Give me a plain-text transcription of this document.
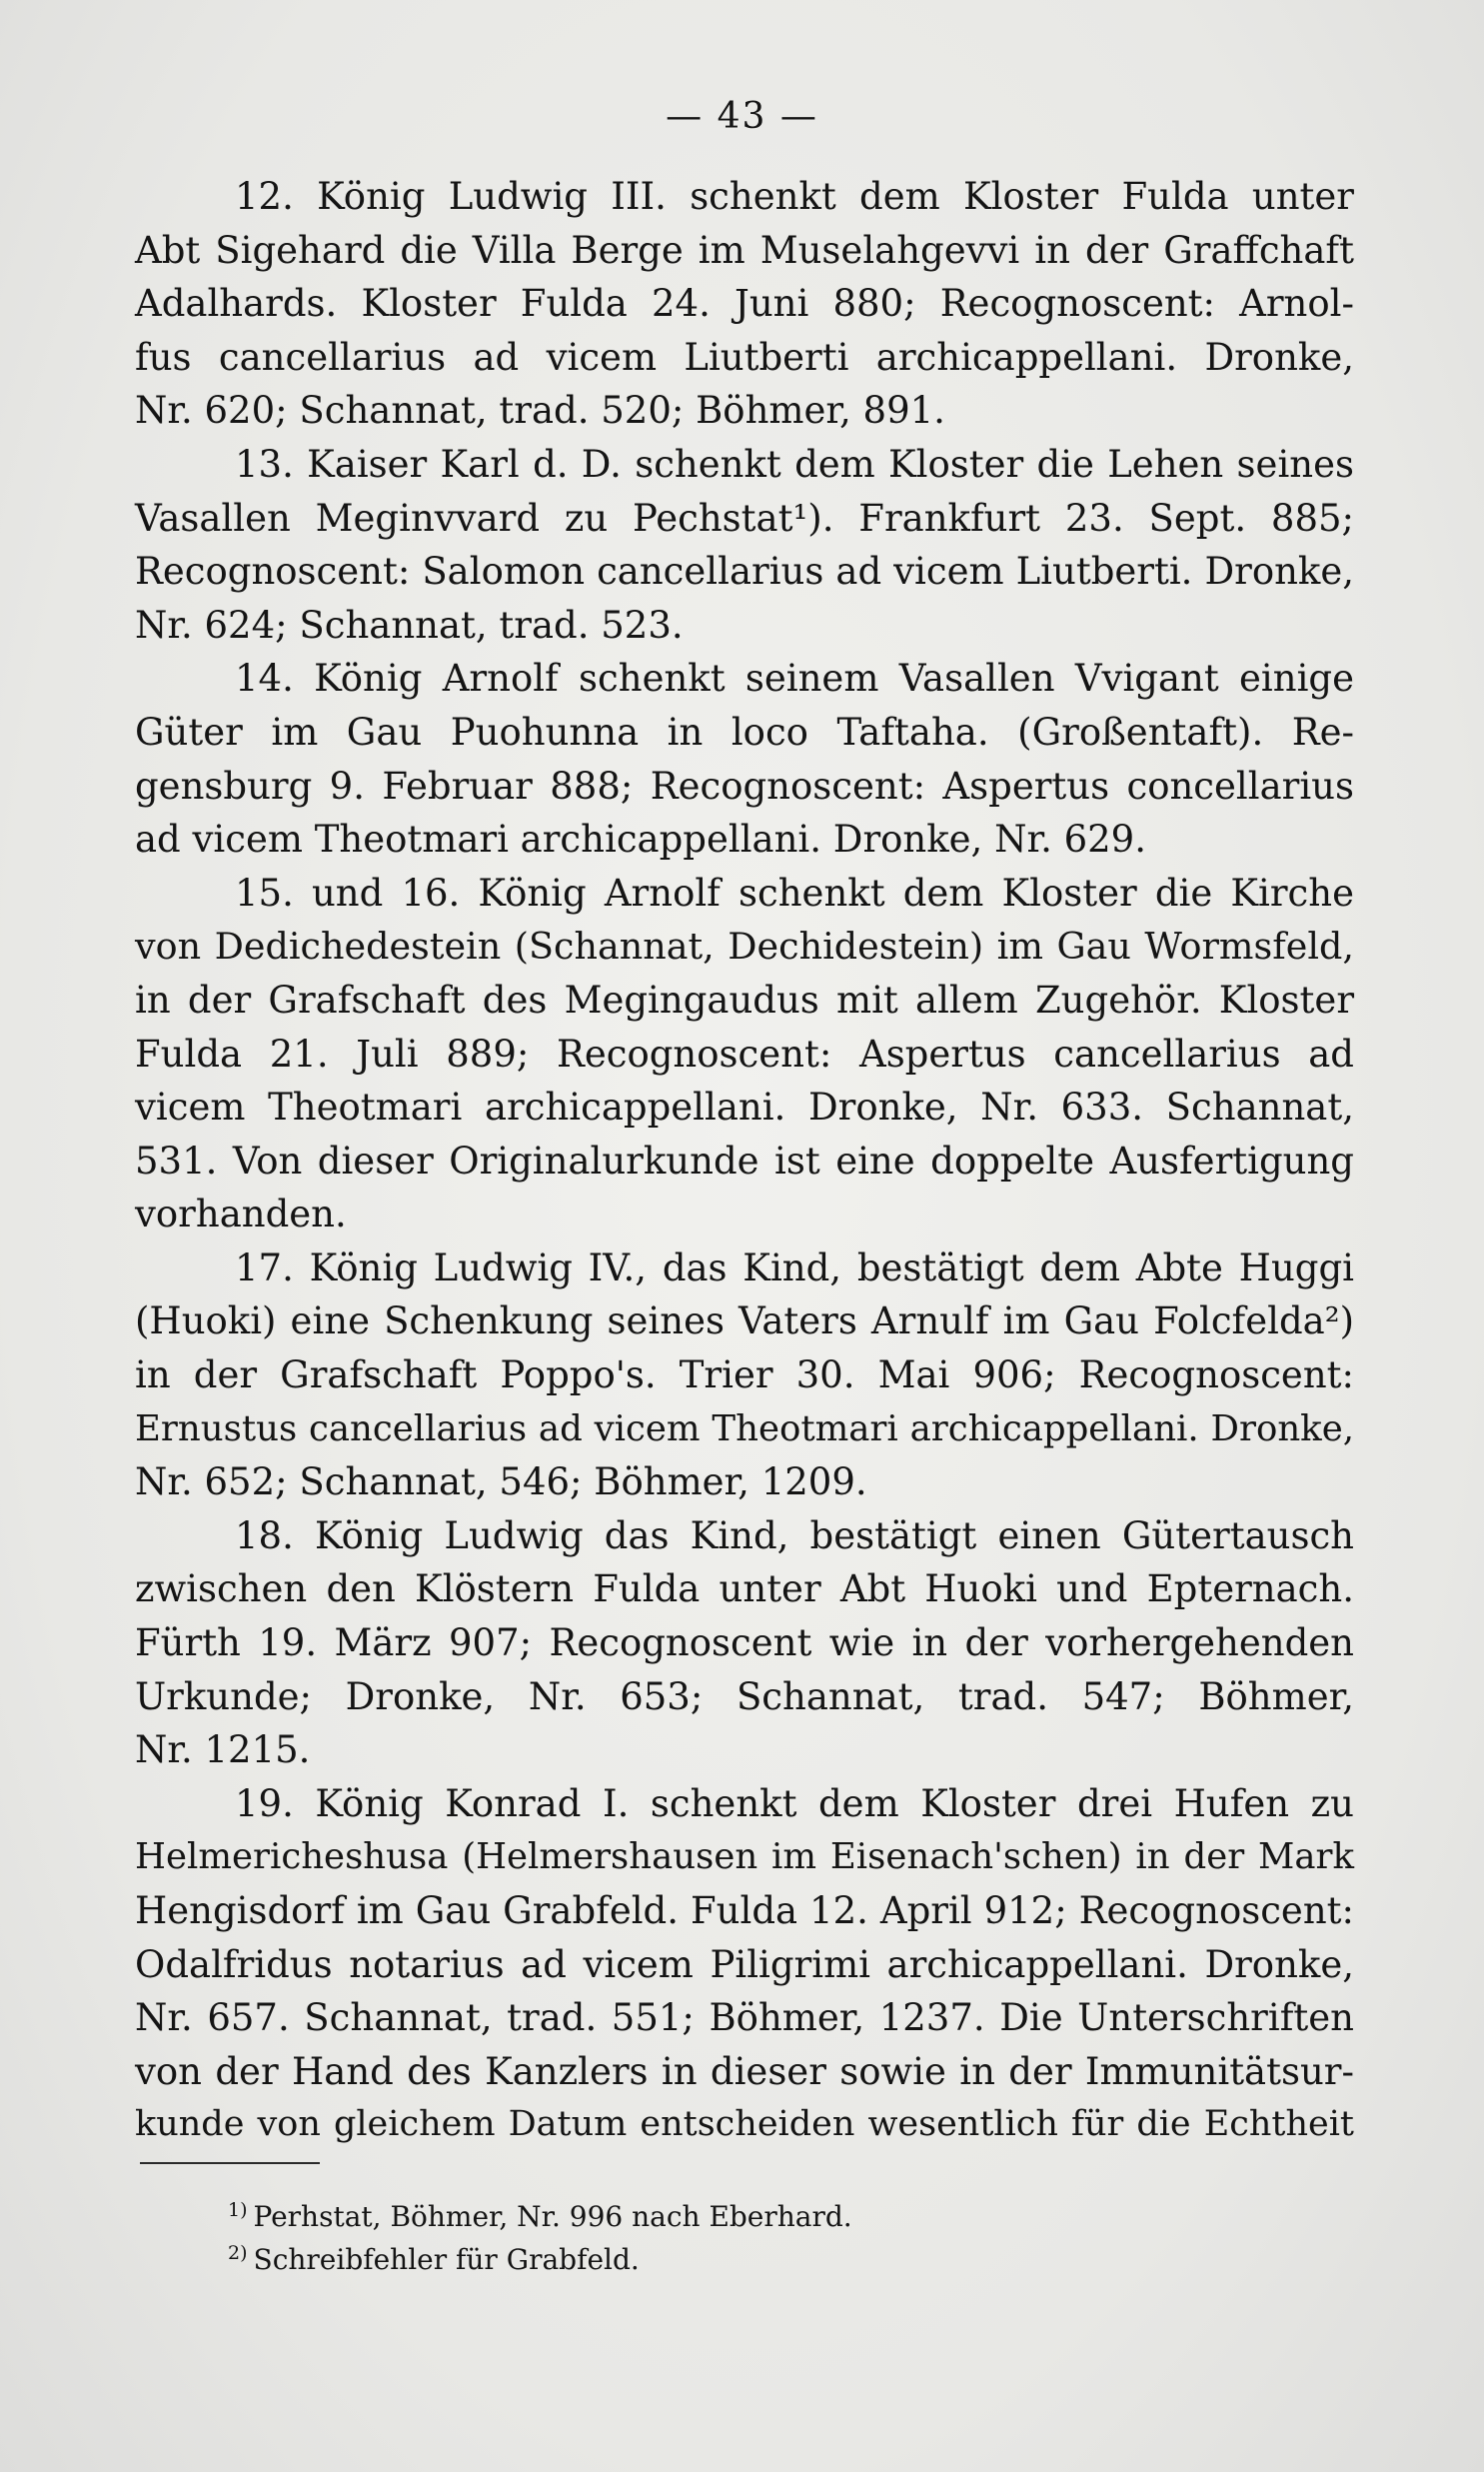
— 43 —
12. König Ludwig III. schenkt dem Kloster Fulda unter
Abt Sigehard die Villa Berge im Muselahgevvi in der Graffchaft
Adalhards. Kloster Fulda 24. Juni 880; Recognoscent: Arnol-
fus cancellarius ad vicem Liutberti archicappellani. Dronke,
Nr. 620; Schannat, trad. 520; Böhmer, 891.
13. Kaiser Karl d. D. schenkt dem Kloster die Lehen seines
Vasallen Meginvvard zu Pechstat¹). Frankfurt 23. Sept. 885;
Recognoscent: Salomon cancellarius ad vicem Liutberti. Dronke,
Nr. 624; Schannat, trad. 523.
14. König Arnolf schenkt seinem Vasallen Vvigant einige
Güter im Gau Puohunna in loco Taftaha. (Großentaft). Re-
gensburg 9. Februar 888; Recognoscent: Aspertus concellarius
ad vicem Theotmari archicappellani. Dronke, Nr. 629.
15. und 16. König Arnolf schenkt dem Kloster die Kirche
von Dedichedestein (Schannat, Dechidestein) im Gau Wormsfeld,
in der Grafschaft des Megingaudus mit allem Zugehör. Kloster
Fulda 21. Juli 889; Recognoscent: Aspertus cancellarius ad
vicem Theotmari archicappellani. Dronke, Nr. 633. Schannat,
531. Von dieser Originalurkunde ist eine doppelte Ausfertigung
vorhanden.
17. König Ludwig IV., das Kind, bestätigt dem Abte Huggi
(Huoki) eine Schenkung seines Vaters Arnulf im Gau Folcfelda²)
in der Grafschaft Poppo's. Trier 30. Mai 906; Recognoscent:
Ernustus cancellarius ad vicem Theotmari archicappellani. Dronke,
Nr. 652; Schannat, 546; Böhmer, 1209.
18. König Ludwig das Kind, bestätigt einen Gütertausch
zwischen den Klöstern Fulda unter Abt Huoki und Epternach.
Fürth 19. März 907; Recognoscent wie in der vorhergehenden
Urkunde; Dronke, Nr. 653; Schannat, trad. 547; Böhmer,
Nr. 1215.
19. König Konrad I. schenkt dem Kloster drei Hufen zu
Helmericheshusa (Helmershausen im Eisenach'schen) in der Mark
Hengisdorf im Gau Grabfeld. Fulda 12. April 912; Recognoscent:
Odalfridus notarius ad vicem Piligrimi archicappellani. Dronke,
Nr. 657. Schannat, trad. 551; Böhmer, 1237. Die Unterschriften
von der Hand des Kanzlers in dieser sowie in der Immunitätsur-
kunde von gleichem Datum entscheiden wesentlich für die Echtheit
$^{1)}$ Perhstat, Böhmer, Nr. 996 nach Eberhard.
$^{2)}$ Schreibfehler für Grabfeld.
